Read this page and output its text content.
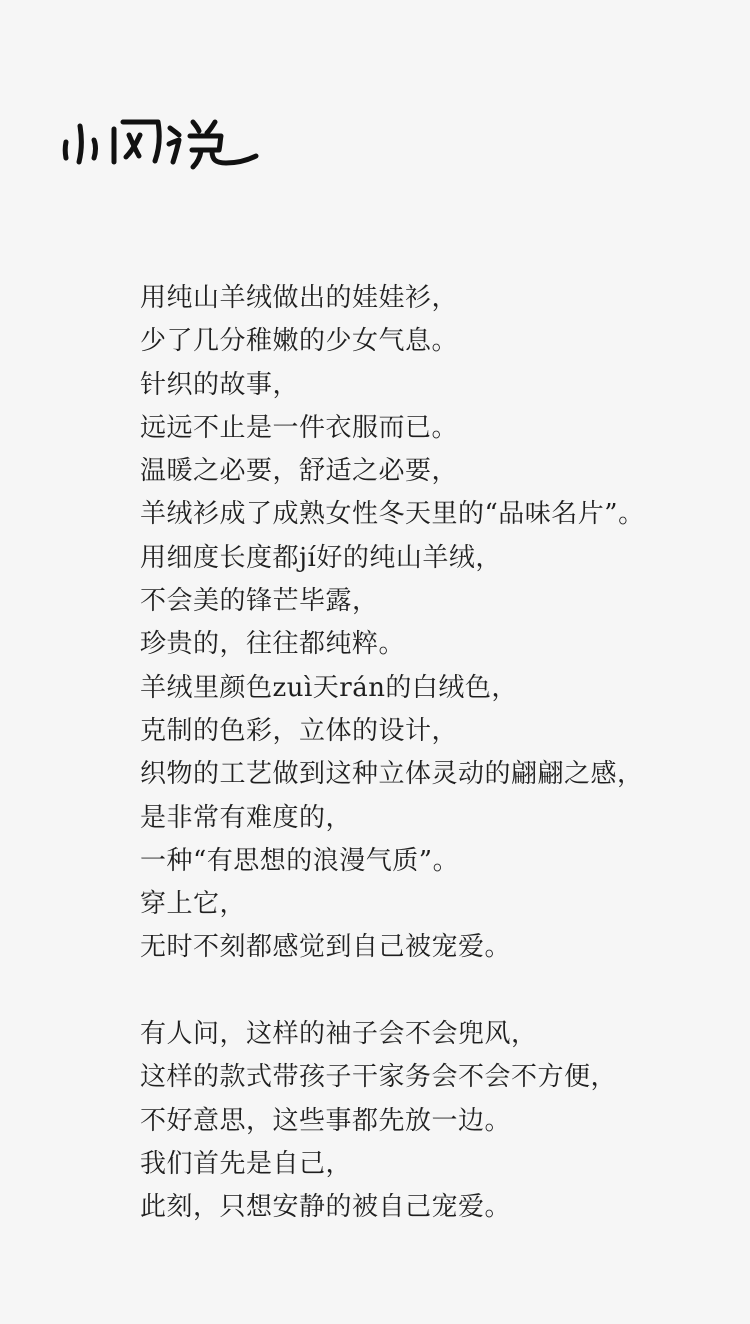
用纯山羊绒做出的娃娃衫，
少了几分稚嫩的少女气息。
针织的故事，
远远不止是一件衣服而已。
温暖之必要，舒适之必要，
羊绒衫成了成熟女性冬天里的“品味名片”。
用细度长度都jí好的纯山羊绒，
不会美的锋芒毕露，
珍贵的，往往都纯粹。
羊绒里颜色zuì天rán的白绒色，
克制的色彩，立体的设计，
织物的工艺做到这种立体灵动的翩翩之感，
是非常有难度的，
一种“有思想的浪漫气质”。
穿上它，
无时不刻都感觉到自己被宠爱。
有人问，这样的袖子会不会兜风，
这样的款式带孩子干家务会不会不方便，
不好意思，这些事都先放一边。
我们首先是自己，
此刻，只想安静的被自己宠爱。
